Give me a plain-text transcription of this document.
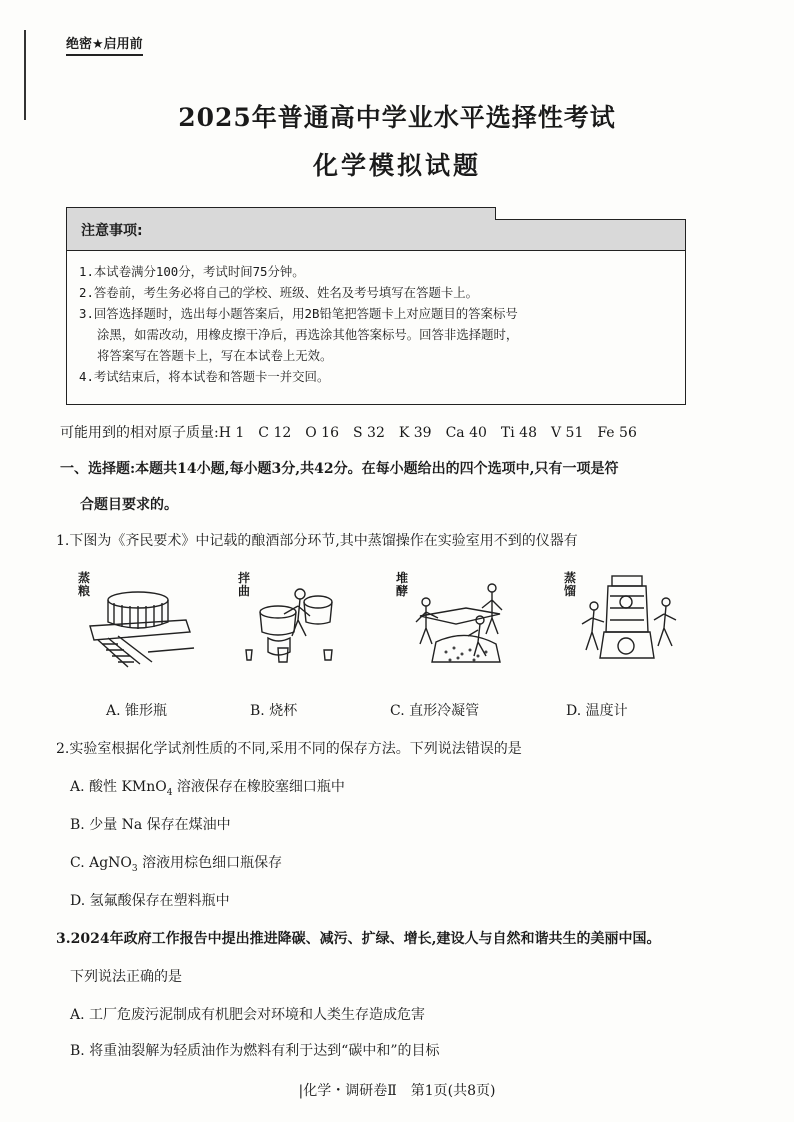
绝密★启用前
2025年普通高中学业水平选择性考试
化学模拟试题
注意事项:
1.本试卷满分100分，考试时间75分钟。
2.答卷前，考生务必将自己的学校、班级、姓名及考号填写在答题卡上。
3.回答选择题时，选出每小题答案后，用2B铅笔把答题卡上对应题目的答案标号
涂黑，如需改动，用橡皮擦干净后，再选涂其他答案标号。回答非选择题时，
将答案写在答题卡上，写在本试卷上无效。
4.考试结束后，将本试卷和答题卡一并交回。
可能用到的相对原子质量:H 1　C 12　O 16　S 32　K 39　Ca 40　Ti 48　V 51　Fe 56
一、选择题:本题共14小题,每小题3分,共42分。在每小题给出的四个选项中,只有一项是符
合题目要求的。
1.下图为《齐民要术》中记载的酿酒部分环节,其中蒸馏操作在实验室用不到的仪器有
蒸粮
拌曲
堆酵
蒸馏
A. 锥形瓶	B. 烧杯	C. 直形冷凝管	D. 温度计
2.实验室根据化学试剂性质的不同,采用不同的保存方法。下列说法错误的是
A. 酸性 KMnO$_4$ 溶液保存在橡胶塞细口瓶中
B. 少量 Na 保存在煤油中
C. AgNO$_3$ 溶液用棕色细口瓶保存
D. 氢氟酸保存在塑料瓶中
3.2024年政府工作报告中提出推进降碳、减污、扩绿、增长,建设人与自然和谐共生的美丽中国。
下列说法正确的是
A. 工厂危废污泥制成有机肥会对环境和人类生存造成危害
B. 将重油裂解为轻质油作为燃料有利于达到“碳中和”的目标
|化学・调研卷Ⅱ　第1页(共8页)
